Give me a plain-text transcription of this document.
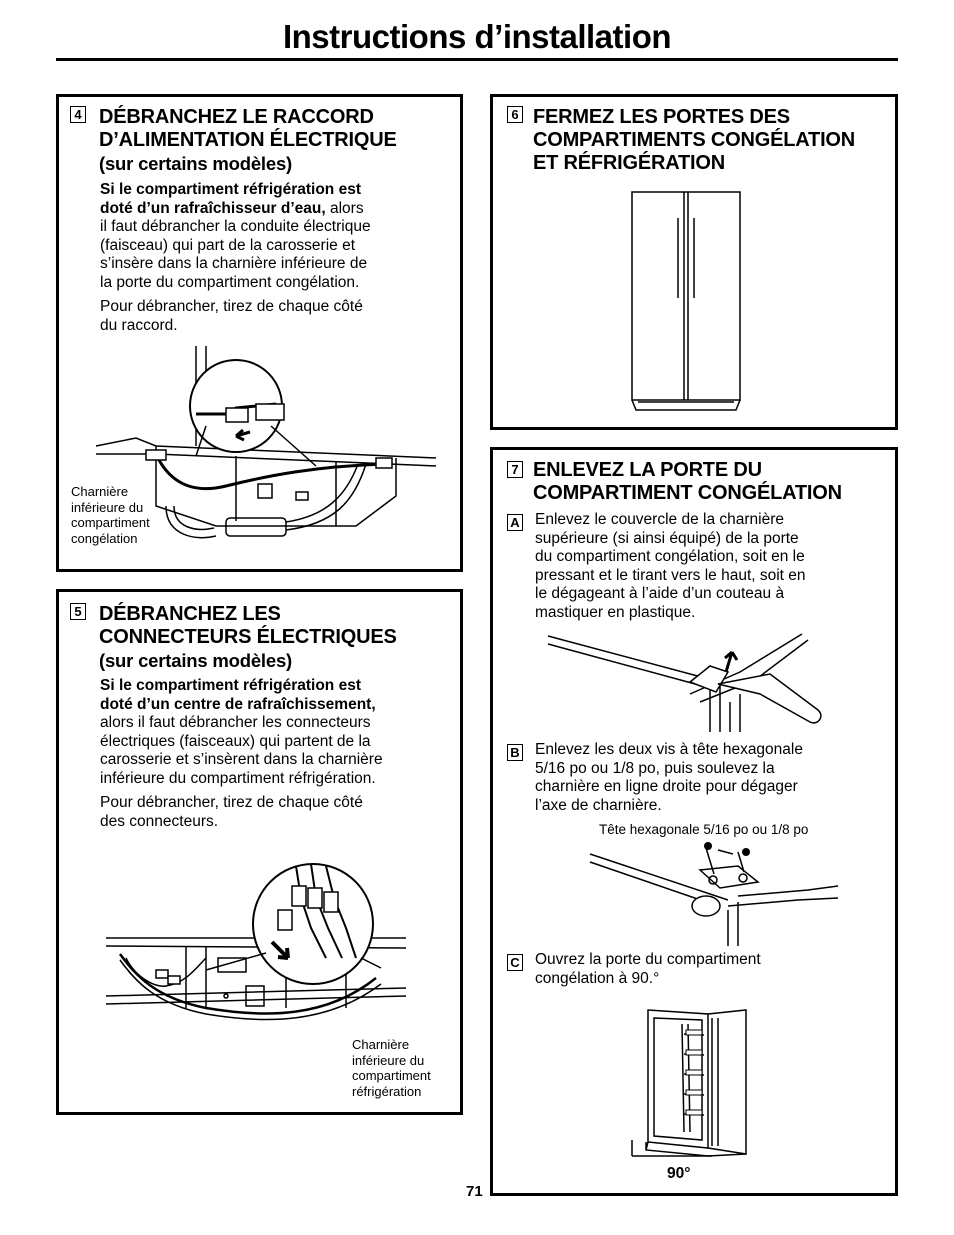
Instructions d’installation
4 DÉBRANCHEZ LE RACCORD
D’ALIMENTATION ÉLECTRIQUE
(sur certains modèles)
Si le compartiment réfrigération est
doté d’un rafraîchisseur d’eau, alors
il faut débrancher la conduite électrique
(faisceau) qui part de la carosserie et
s’insère dans la charnière inférieure de
la porte du compartiment congélation.
Pour débrancher, tirez de chaque côté
du raccord.
Charnière
inférieure du
compartiment
congélation
5 DÉBRANCHEZ LES
CONNECTEURS ÉLECTRIQUES
(sur certains modèles)
Si le compartiment réfrigération est
doté d’un centre de rafraîchissement,
alors il faut débrancher les connecteurs
électriques (faisceaux) qui partent de la
carosserie et s’insèrent dans la charnière
inférieure du compartiment réfrigération.
Pour débrancher, tirez de chaque côté
des connecteurs.
Charnière
inférieure du
compartiment
réfrigération
6 FERMEZ LES PORTES DES
COMPARTIMENTS CONGÉLATION
ET RÉFRIGÉRATION
7 ENLEVEZ LA PORTE DU
COMPARTIMENT CONGÉLATION
A Enlevez le couvercle de la charnière
supérieure (si ainsi équipé) de la porte
du compartiment congélation, soit en le
pressant et le tirant vers le haut, soit en
le dégageant à l’aide d’un couteau à
mastiquer en plastique.
B Enlevez les deux vis à tête hexagonale
5/16 po ou 1/8 po, puis soulevez la
charnière en ligne droite pour dégager
l’axe de charnière.
Tête hexagonale 5/16 po ou 1/8 po
C Ouvrez la porte du compartiment
congélation à 90.°
90°
71
